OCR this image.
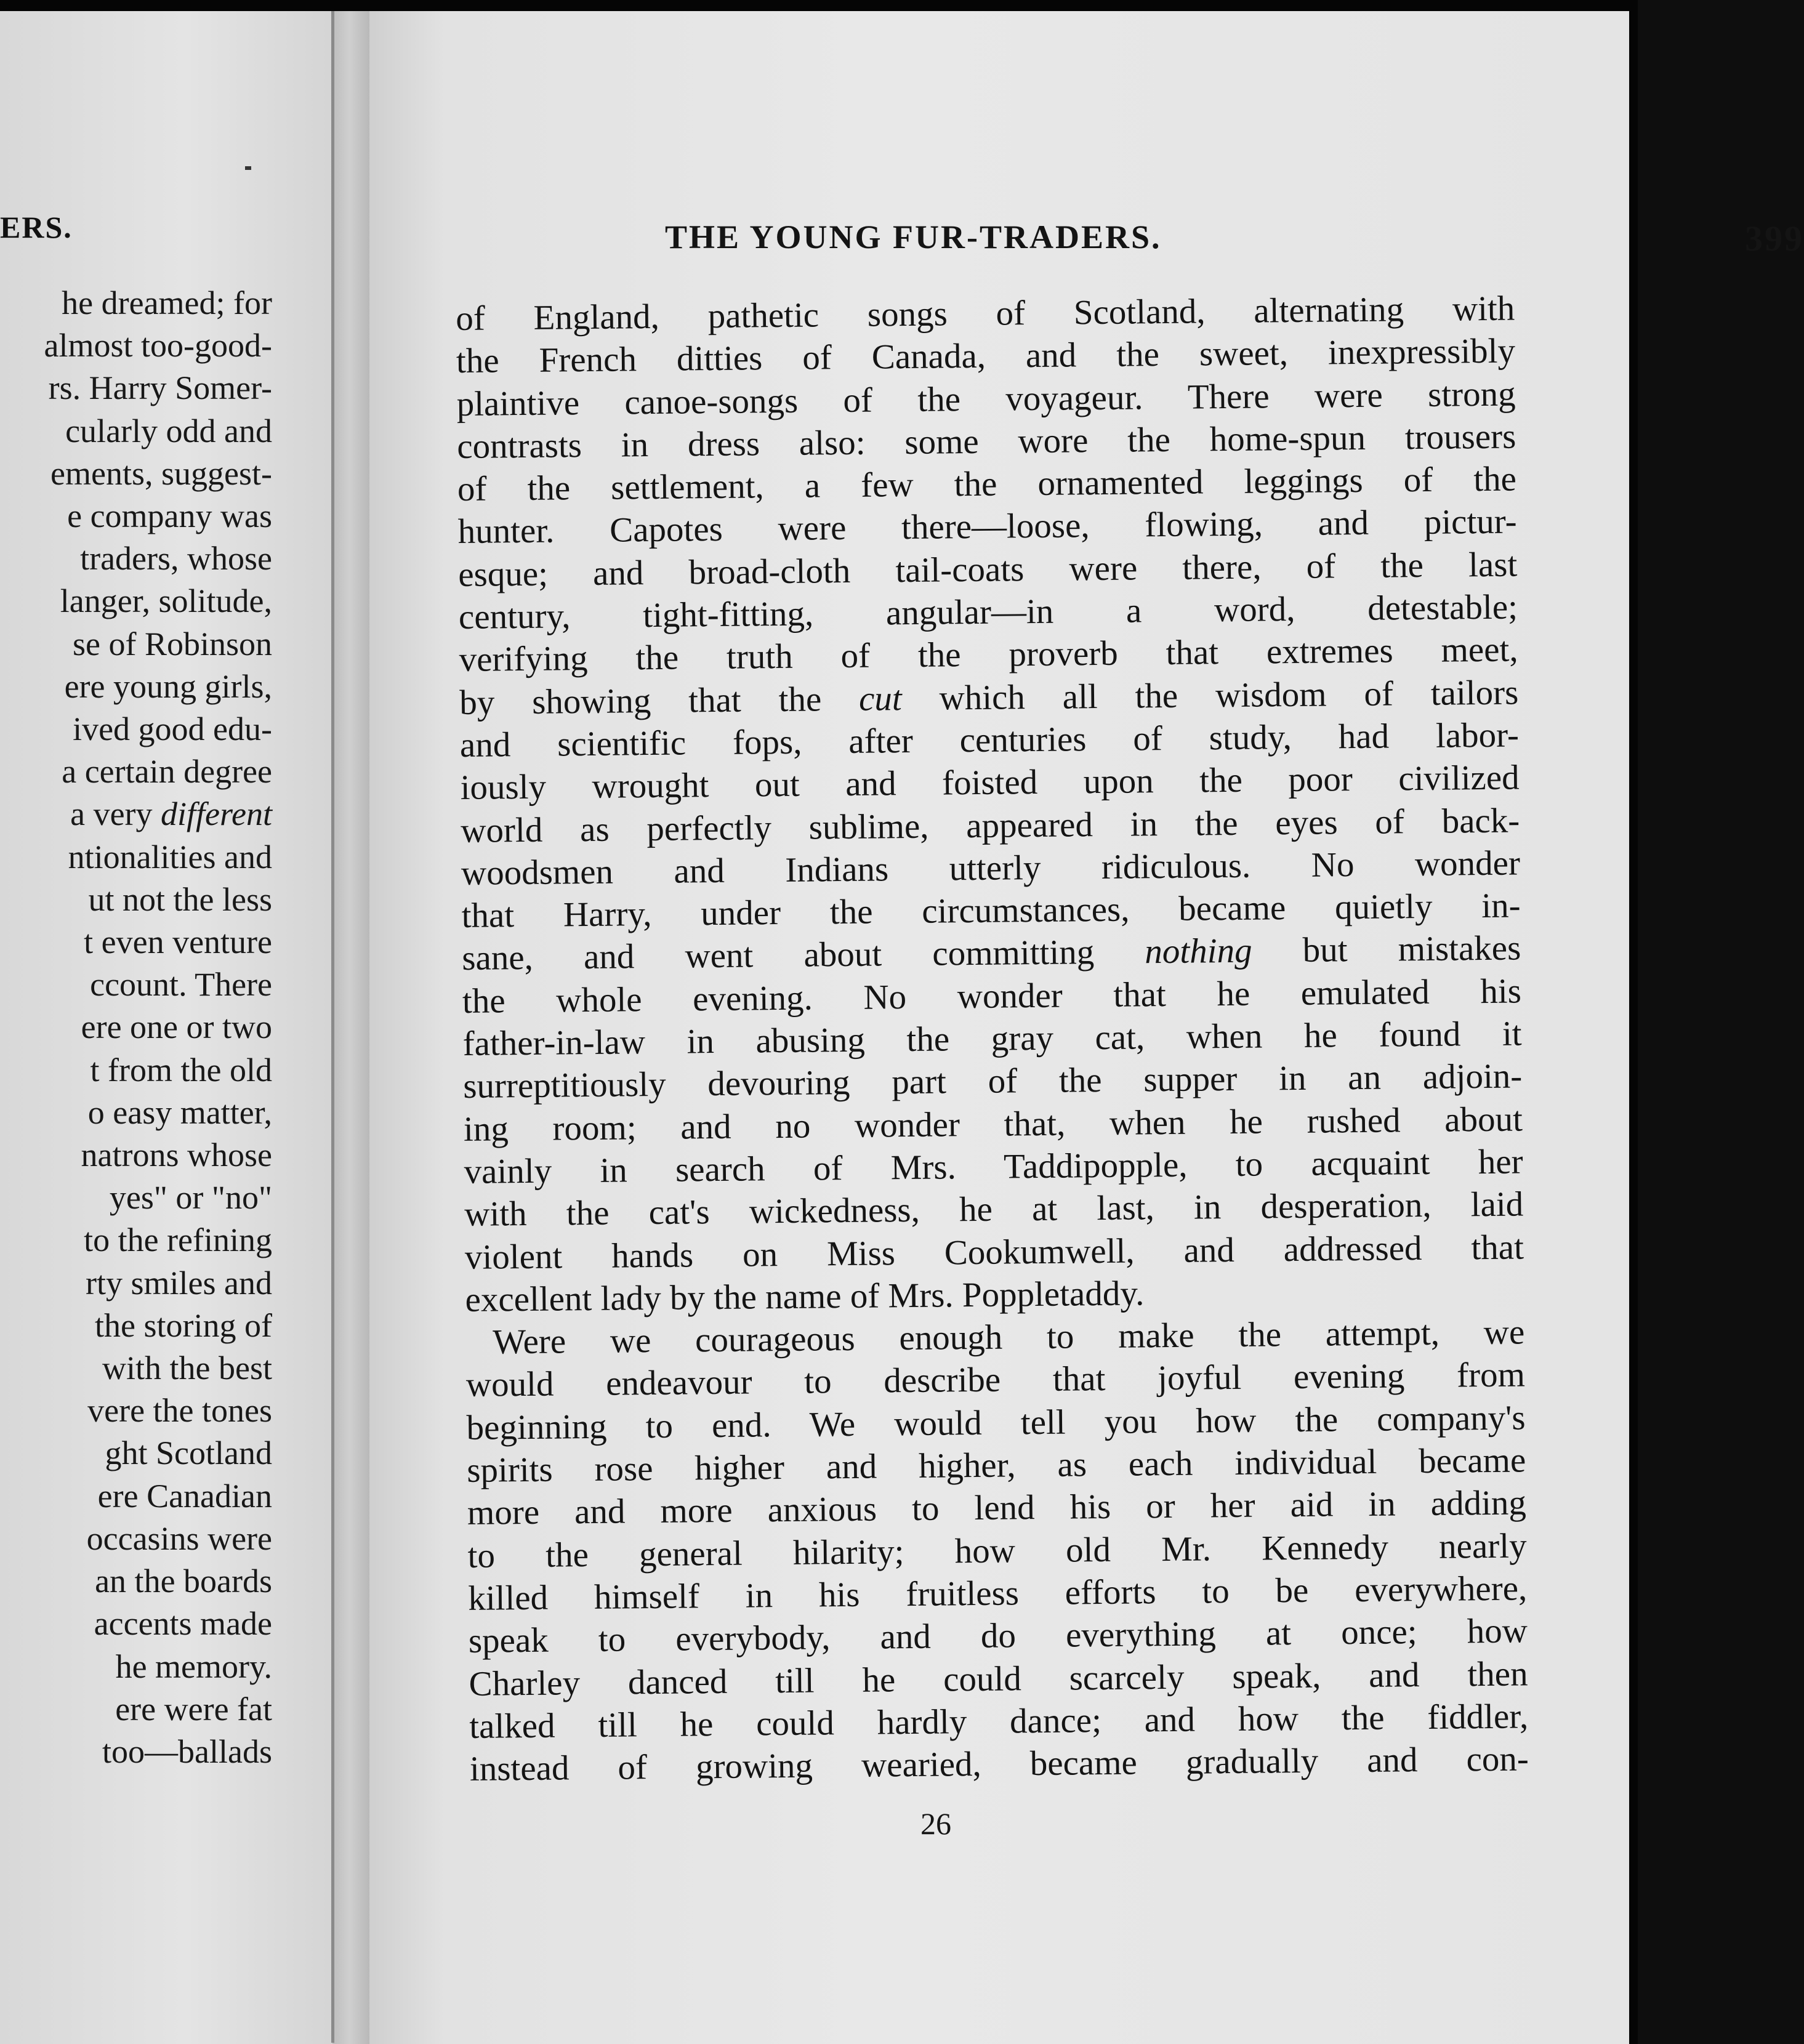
ERS.
he dreamed; for
almost too-good-
rs. Harry Somer-
cularly odd and
ements, suggest-
e company was
traders, whose
langer, solitude,
se of Robinson
ere young girls,
ived good edu-
a certain degree
a very different
ntionalities and
ut not the less
t even venture
ccount. There
ere one or two
t from the old
o easy matter,
natrons whose
yes" or "no"
to the refining
rty smiles and
the storing of
with the best
vere the tones
ght Scotland
ere Canadian
occasins were
an the boards
accents made
he memory.
ere were fat
too—ballads
THE YOUNG FUR-TRADERS.	399
of England, pathetic songs of Scotland, alternating with
the French ditties of Canada, and the sweet, inexpressibly
plaintive canoe-songs of the voyageur. There were strong
contrasts in dress also: some wore the home-spun trousers
of the settlement, a few the ornamented leggings of the
hunter. Capotes were there—loose, flowing, and pictur-
esque; and broad-cloth tail-coats were there, of the last
century, tight-fitting, angular—in a word, detestable;
verifying the truth of the proverb that extremes meet,
by showing that the cut which all the wisdom of tailors
and scientific fops, after centuries of study, had labor-
iously wrought out and foisted upon the poor civilized
world as perfectly sublime, appeared in the eyes of back-
woodsmen and Indians utterly ridiculous. No wonder
that Harry, under the circumstances, became quietly in-
sane, and went about committing nothing but mistakes
the whole evening. No wonder that he emulated his
father-in-law in abusing the gray cat, when he found it
surreptitiously devouring part of the supper in an adjoin-
ing room; and no wonder that, when he rushed about
vainly in search of Mrs. Taddipopple, to acquaint her
with the cat's wickedness, he at last, in desperation, laid
violent hands on Miss Cookumwell, and addressed that
excellent lady by the name of Mrs. Poppletaddy.
Were we courageous enough to make the attempt, we
would endeavour to describe that joyful evening from
beginning to end. We would tell you how the company's
spirits rose higher and higher, as each individual became
more and more anxious to lend his or her aid in adding
to the general hilarity; how old Mr. Kennedy nearly
killed himself in his fruitless efforts to be everywhere,
speak to everybody, and do everything at once; how
Charley danced till he could scarcely speak, and then
talked till he could hardly dance; and how the fiddler,
instead of growing wearied, became gradually and con-
26
